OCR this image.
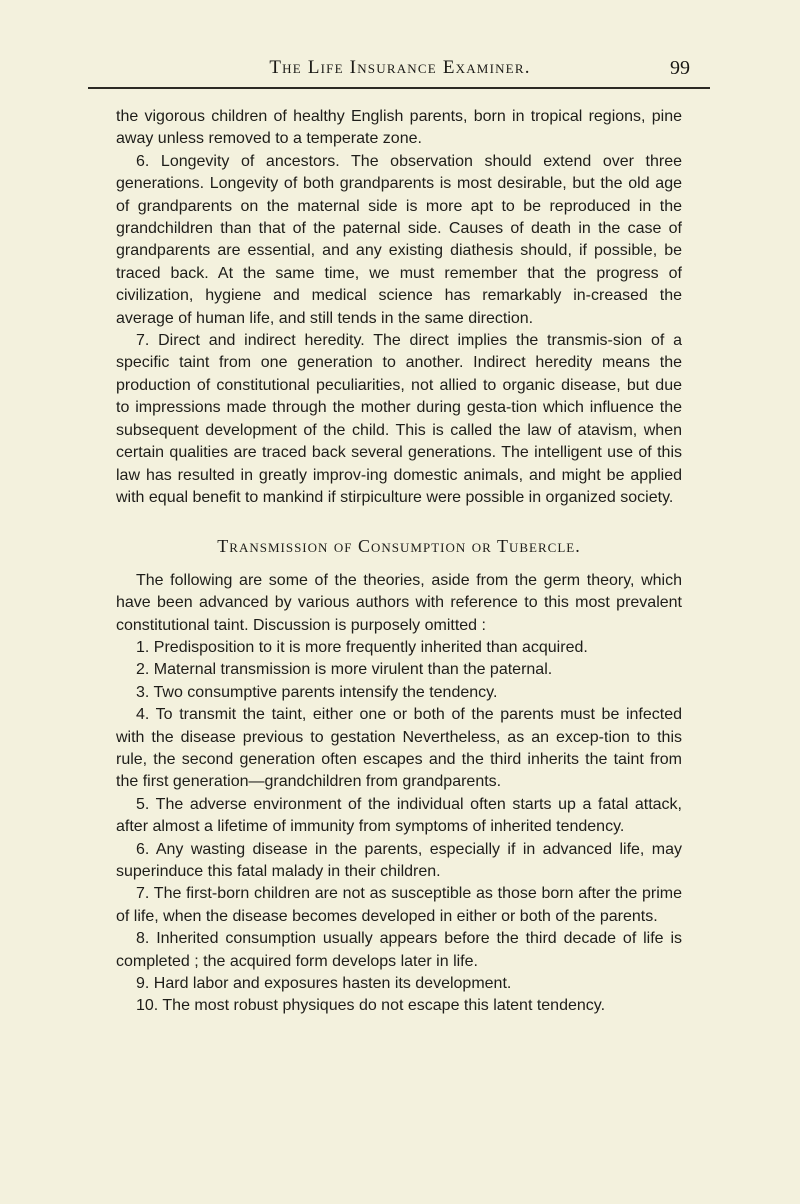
The Life Insurance Examiner.	99

the vigorous children of healthy English parents, born in tropical regions, pine away unless removed to a temperate zone.

6. Longevity of ancestors. The observation should extend over three generations. Longevity of both grandparents is most desirable, but the old age of grandparents on the maternal side is more apt to be reproduced in the grandchildren than that of the paternal side. Causes of death in the case of grandparents are essential, and any existing diathesis should, if possible, be traced back. At the same time, we must remember that the progress of civilization, hygiene and medical science has remarkably in-creased the average of human life, and still tends in the same direction.

7. Direct and indirect heredity. The direct implies the transmis-sion of a specific taint from one generation to another. Indirect heredity means the production of constitutional peculiarities, not allied to organic disease, but due to impressions made through the mother during gesta-tion which influence the subsequent development of the child. This is called the law of atavism, when certain qualities are traced back several generations. The intelligent use of this law has resulted in greatly improv-ing domestic animals, and might be applied with equal benefit to mankind if stirpiculture were possible in organized society.

Transmission of Consumption or Tubercle.

The following are some of the theories, aside from the germ theory, which have been advanced by various authors with reference to this most prevalent constitutional taint. Discussion is purposely omitted :

1. Predisposition to it is more frequently inherited than acquired.

2. Maternal transmission is more virulent than the paternal.

3. Two consumptive parents intensify the tendency.

4. To transmit the taint, either one or both of the parents must be infected with the disease previous to gestation Nevertheless, as an excep-tion to this rule, the second generation often escapes and the third inherits the taint from the first generation—grandchildren from grandparents.

5. The adverse environment of the individual often starts up a fatal attack, after almost a lifetime of immunity from symptoms of inherited tendency.

6. Any wasting disease in the parents, especially if in advanced life, may superinduce this fatal malady in their children.

7. The first-born children are not as susceptible as those born after the prime of life, when the disease becomes developed in either or both of the parents.

8. Inherited consumption usually appears before the third decade of life is completed ; the acquired form develops later in life.

9. Hard labor and exposures hasten its development.

10. The most robust physiques do not escape this latent tendency.
